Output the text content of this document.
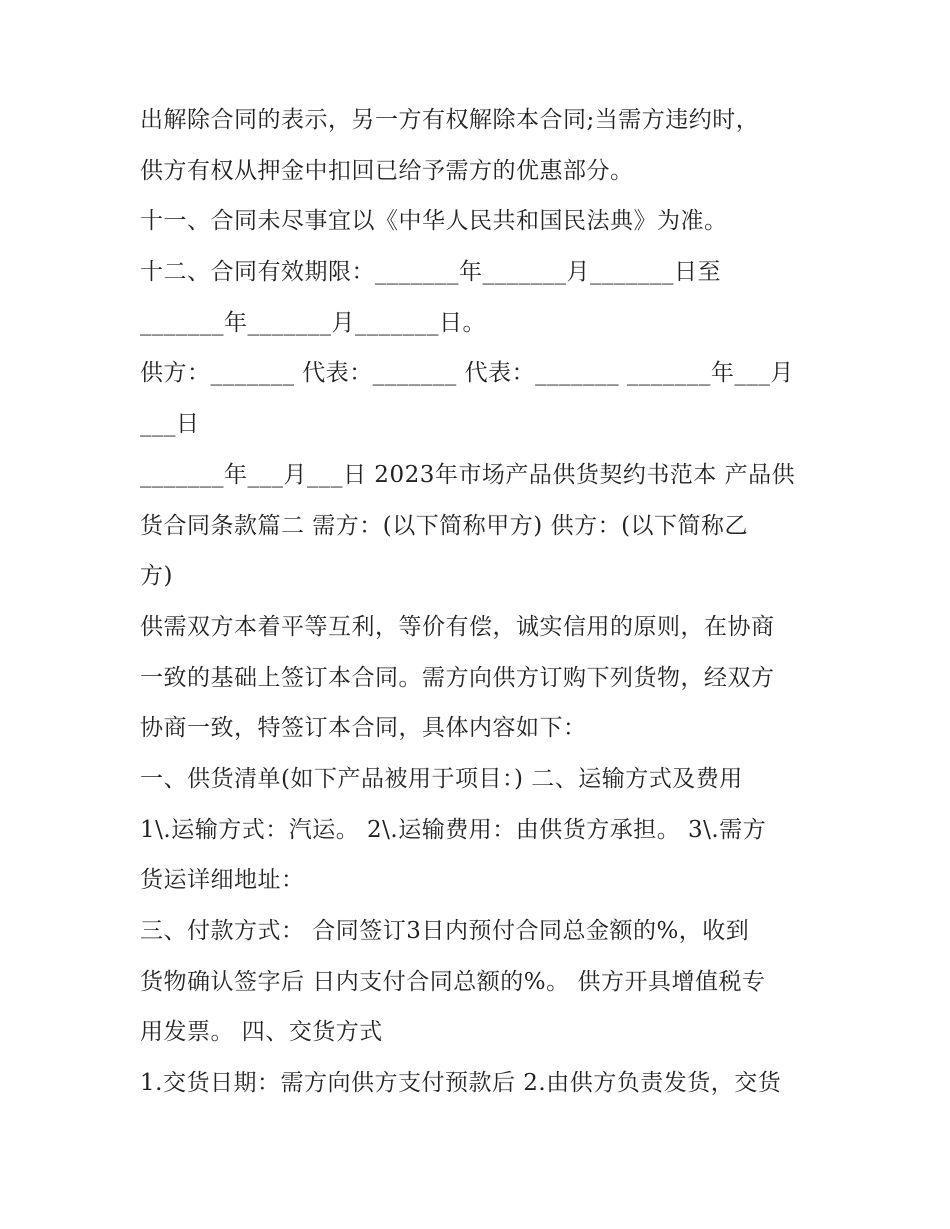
出解除合同的表示，另一方有权解除本合同;当需方违约时，
供方有权从押金中扣回已给予需方的优惠部分。
十一、合同未尽事宜以《中华人民共和国民法典》为准。
十二、合同有效期限：_______年_______月_______日至
_______年_______月_______日。
供方：_______ 代表：_______ 代表：_______ _______年___月
___日
_______年___月___日 2023年市场产品供货契约书范本 产品供
货合同条款篇二 需方：(以下简称甲方) 供方：(以下简称乙
方)
供需双方本着平等互利，等价有偿，诚实信用的原则，在协商
一致的基础上签订本合同。需方向供方订购下列货物，经双方
协商一致，特签订本合同，具体内容如下：
一、供货清单(如下产品被用于项目：) 二、运输方式及费用
1\.运输方式：汽运。 2\.运输费用：由供货方承担。 3\.需方
货运详细地址：
三、付款方式： 合同签订3日内预付合同总金额的%，收到
货物确认签字后 日内支付合同总额的%。 供方开具增值税专
用发票。 四、交货方式
1.交货日期：需方向供方支付预款后 2.由供方负责发货，交货
